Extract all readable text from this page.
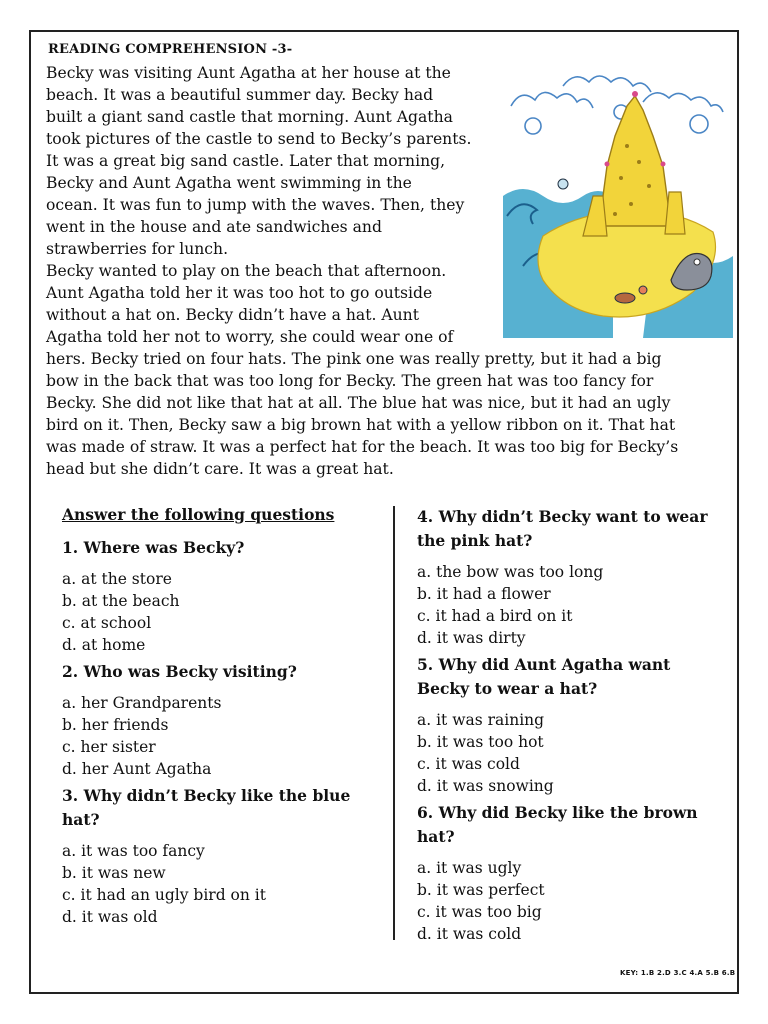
READING COMPREHENSION -3-
Becky was visiting Aunt Agatha at her house at the
beach. It was a beautiful summer day. Becky had
built a giant sand castle that morning. Aunt Agatha
took pictures of the castle to send to Becky’s parents.
It was a great big sand castle. Later that morning,
Becky and Aunt Agatha went swimming in the
ocean. It was fun to jump with the waves. Then, they
went in the house and ate sandwiches and
strawberries for lunch.
Becky wanted to play on the beach that afternoon.
Aunt Agatha told her it was too hot to go outside
without a hat on. Becky didn’t have a hat. Aunt
Agatha told her not to worry, she could wear one of
hers. Becky tried on four hats. The pink one was really pretty, but it had a big
bow in the back that was too long for Becky. The green hat was too fancy for
Becky. She did not like that hat at all. The blue hat was nice, but it had an ugly
bird on it. Then, Becky saw a big brown hat with a yellow ribbon on it. That hat
was made of straw. It was a perfect hat for the beach. It was too big for Becky’s
head but she didn’t care. It was a great hat.
Answer the following questions

1. Where was Becky?

a. at the store
b. at the beach
c. at school
d. at home

2. Who was Becky visiting?

a. her Grandparents
b. her friends
c. her sister
d. her Aunt Agatha

3. Why didn’t Becky like the blue hat?

a. it was too fancy
b. it was new
c. it had an ugly bird on it
d. it was old

4. Why didn’t Becky want to wear the pink hat?

a. the bow was too long
b. it had a flower
c. it had a bird on it
d. it was dirty

5. Why did Aunt Agatha want Becky to wear a hat?

a. it was raining
b. it was too hot
c. it was cold
d. it was snowing

6. Why did Becky like the brown hat?

a. it was ugly
b. it was perfect
c. it was too big
d. it was cold
KEY: 1.B 2.D 3.C 4.A 5.B 6.B
